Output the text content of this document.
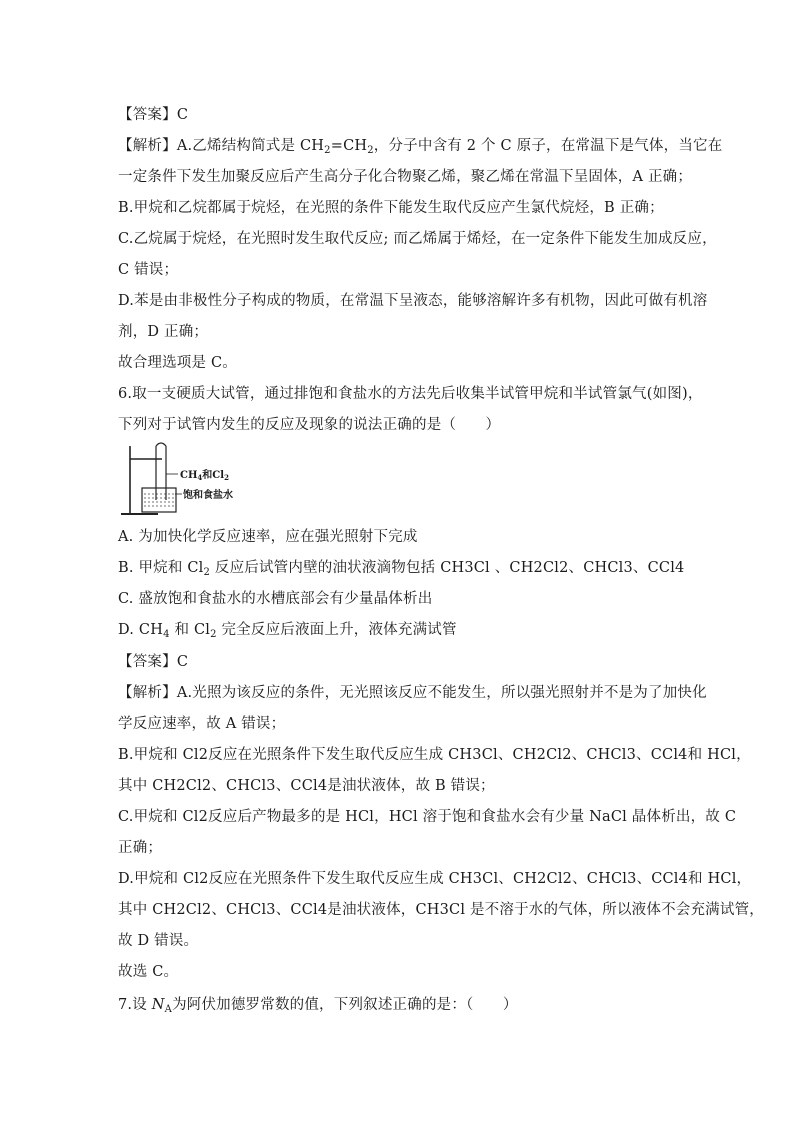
【答案】C
【解析】A.乙烯结构简式是 $CH_2=CH_2$，分子中含有 2 个 C 原子，在常温下是气体，当它在
一定条件下发生加聚反应后产生高分子化合物聚乙烯，聚乙烯在常温下呈固体，A 正确；
B.甲烷和乙烷都属于烷烃，在光照的条件下能发生取代反应产生氯代烷烃，B 正确；
C.乙烷属于烷烃，在光照时发生取代反应; 而乙烯属于烯烃，在一定条件下能发生加成反应，
C 错误；
D.苯是由非极性分子构成的物质，在常温下呈液态，能够溶解许多有机物，因此可做有机溶
剂，D 正确；
故合理选项是 C。
6.取一支硬质大试管，通过排饱和食盐水的方法先后收集半试管甲烷和半试管氯气(如图)，
下列对于试管内发生的反应及现象的说法正确的是（　　）
$CH_4$和$Cl_2$
饱和食盐水
A. 为加快化学反应速率，应在强光照射下完成
B. 甲烷和 $Cl_2$ 反应后试管内壁的油状液滴物包括 CH3Cl 、CH2Cl2、CHCl3、CCl4
C. 盛放饱和食盐水的水槽底部会有少量晶体析出
D. $CH_4$ 和 $Cl_2$ 完全反应后液面上升，液体充满试管
【答案】C
【解析】A.光照为该反应的条件，无光照该反应不能发生，所以强光照射并不是为了加快化
学反应速率，故 A 错误；
B.甲烷和 Cl2反应在光照条件下发生取代反应生成 CH3Cl、CH2Cl2、CHCl3、CCl4和 HCl，
其中 CH2Cl2、CHCl3、CCl4是油状液体，故 B 错误；
C.甲烷和 Cl2反应后产物最多的是 HCl，HCl 溶于饱和食盐水会有少量 NaCl 晶体析出，故 C
正确；
D.甲烷和 Cl2反应在光照条件下发生取代反应生成 CH3Cl、CH2Cl2、CHCl3、CCl4和 HCl，
其中 CH2Cl2、CHCl3、CCl4是油状液体，CH3Cl 是不溶于水的气体，所以液体不会充满试管，
故 D 错误。
故选 C。
7.设 $N_A$为阿伏加德罗常数的值，下列叙述正确的是：（　　）
